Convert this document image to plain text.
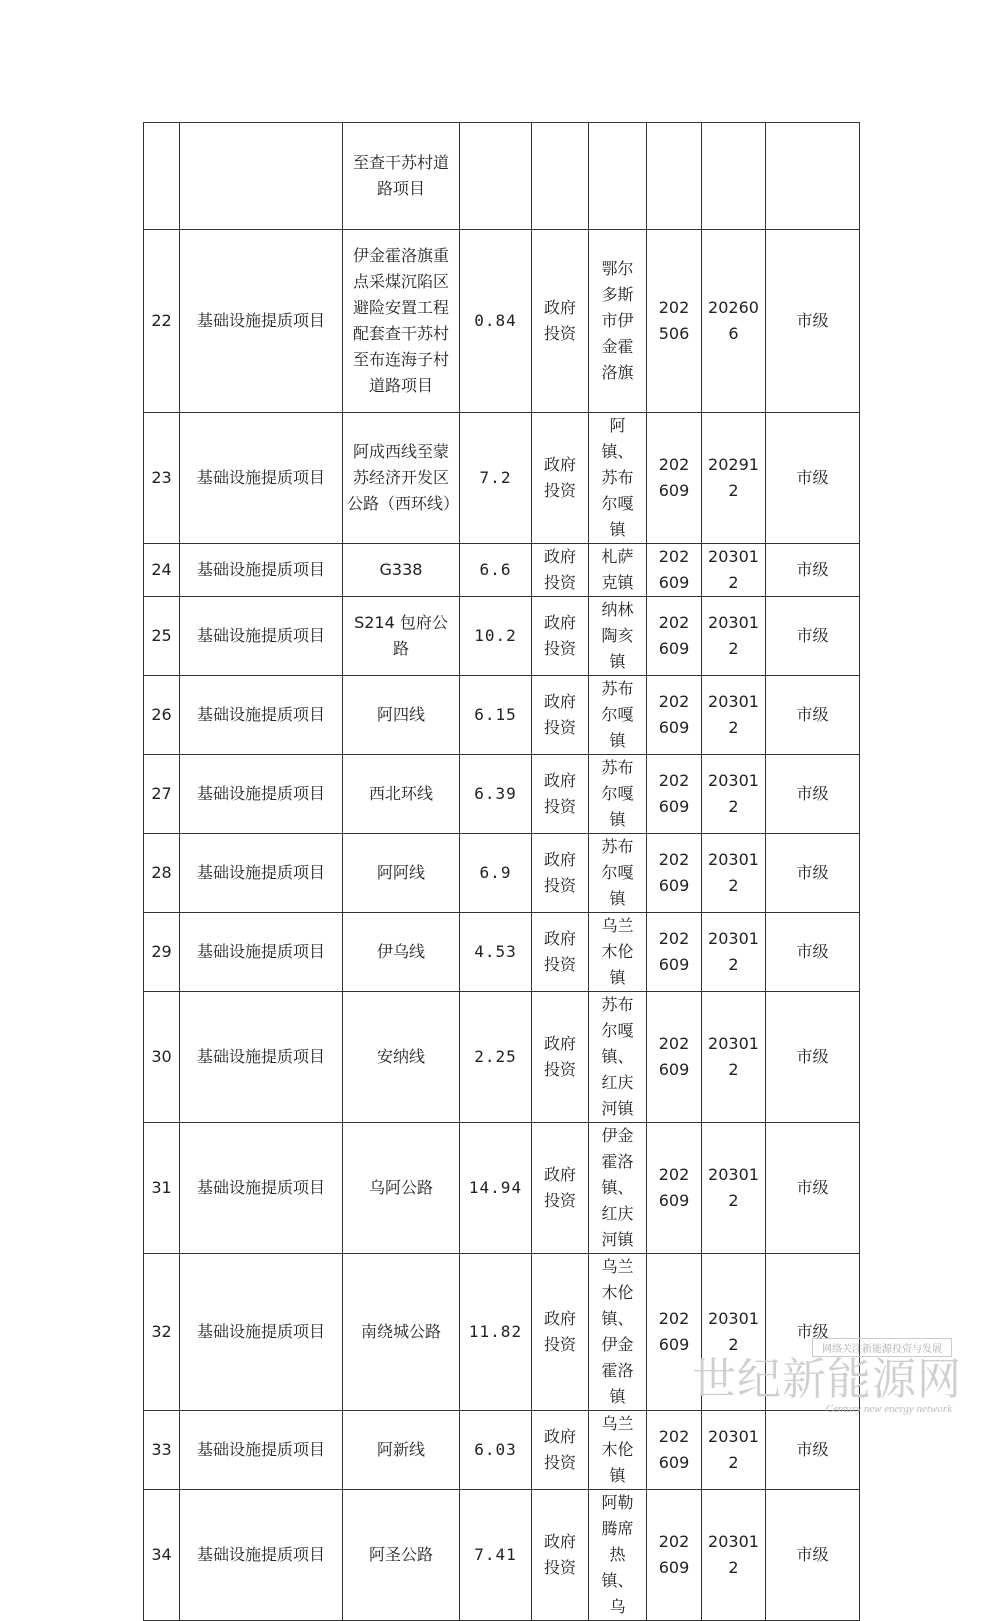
		至查干苏村道路项目						
22	基础设施提质项目	伊金霍洛旗重点采煤沉陷区避险安置工程配套查干苏村至布连海子村道路项目	0.84	政府投资	鄂尔多斯市伊金霍洛旗	202506	202606	市级
23	基础设施提质项目	阿成西线至蒙苏经济开发区公路（西环线）	7.2	政府投资	阿镇、苏布尔嘎镇	202609	202912	市级
24	基础设施提质项目	G338	6.6	政府投资	札萨克镇	202609	203012	市级
25	基础设施提质项目	S214 包府公路	10.2	政府投资	纳林陶亥镇	202609	203012	市级
26	基础设施提质项目	阿四线	6.15	政府投资	苏布尔嘎镇	202609	203012	市级
27	基础设施提质项目	西北环线	6.39	政府投资	苏布尔嘎镇	202609	203012	市级
28	基础设施提质项目	阿阿线	6.9	政府投资	苏布尔嘎镇	202609	203012	市级
29	基础设施提质项目	伊乌线	4.53	政府投资	乌兰木伦镇	202609	203012	市级
30	基础设施提质项目	安纳线	2.25	政府投资	苏布尔嘎镇、红庆河镇	202609	203012	市级
31	基础设施提质项目	乌阿公路	14.94	政府投资	伊金霍洛镇、红庆河镇	202609	203012	市级
32	基础设施提质项目	南绕城公路	11.82	政府投资	乌兰木伦镇、伊金霍洛镇	202609	203012	市级
33	基础设施提质项目	阿新线	6.03	政府投资	乌兰木伦镇	202609	203012	市级
34	基础设施提质项目	阿圣公路	7.41	政府投资	阿勒腾席热镇、乌	202609	203012	市级
网络关注新能源投资与发展
世纪新能源网
Century new energy network
